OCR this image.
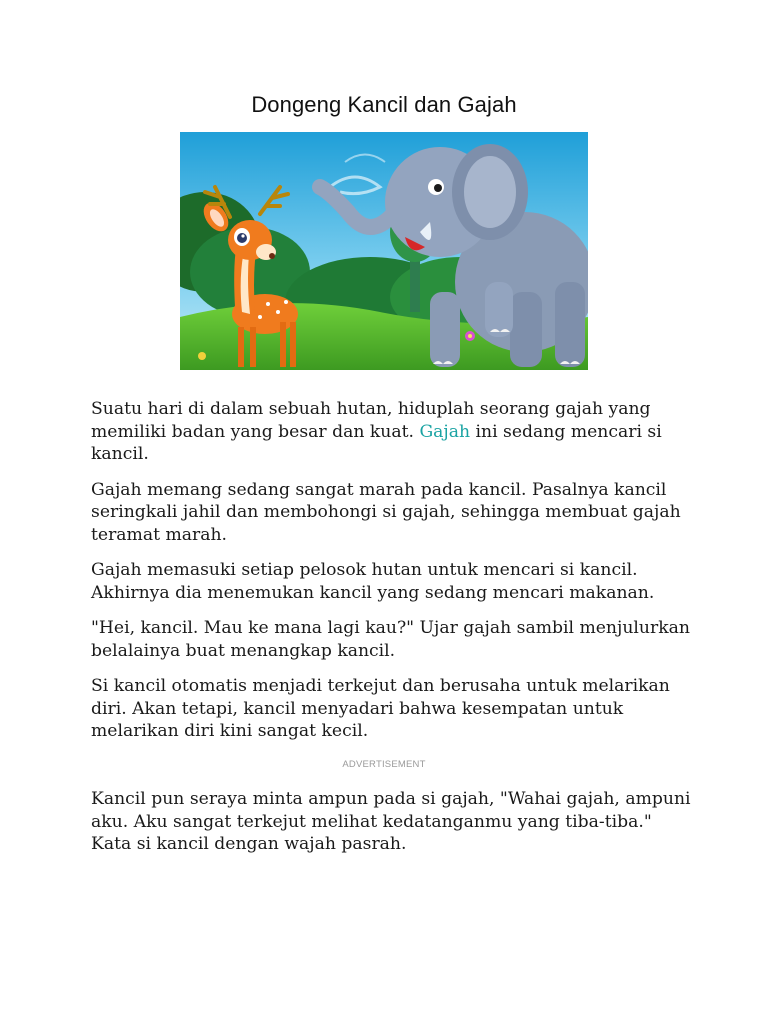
Dongeng Kancil dan Gajah

Suatu hari di dalam sebuah hutan, hiduplah seorang gajah yang memiliki badan yang besar dan kuat. Gajah ini sedang mencari si kancil.

Gajah memang sedang sangat marah pada kancil. Pasalnya kancil seringkali jahil dan membohongi si gajah, sehingga membuat gajah teramat marah.

Gajah memasuki setiap pelosok hutan untuk mencari si kancil. Akhirnya dia menemukan kancil yang sedang mencari makanan.

"Hei, kancil. Mau ke mana lagi kau?" Ujar gajah sambil menjulurkan belalainya buat menangkap kancil.

Si kancil otomatis menjadi terkejut dan berusaha untuk melarikan diri. Akan tetapi, kancil menyadari bahwa kesempatan untuk melarikan diri kini sangat kecil.

ADVERTISEMENT

Kancil pun seraya minta ampun pada si gajah, "Wahai gajah, ampuni aku. Aku sangat terkejut melihat kedatanganmu yang tiba-tiba." Kata si kancil dengan wajah pasrah.
